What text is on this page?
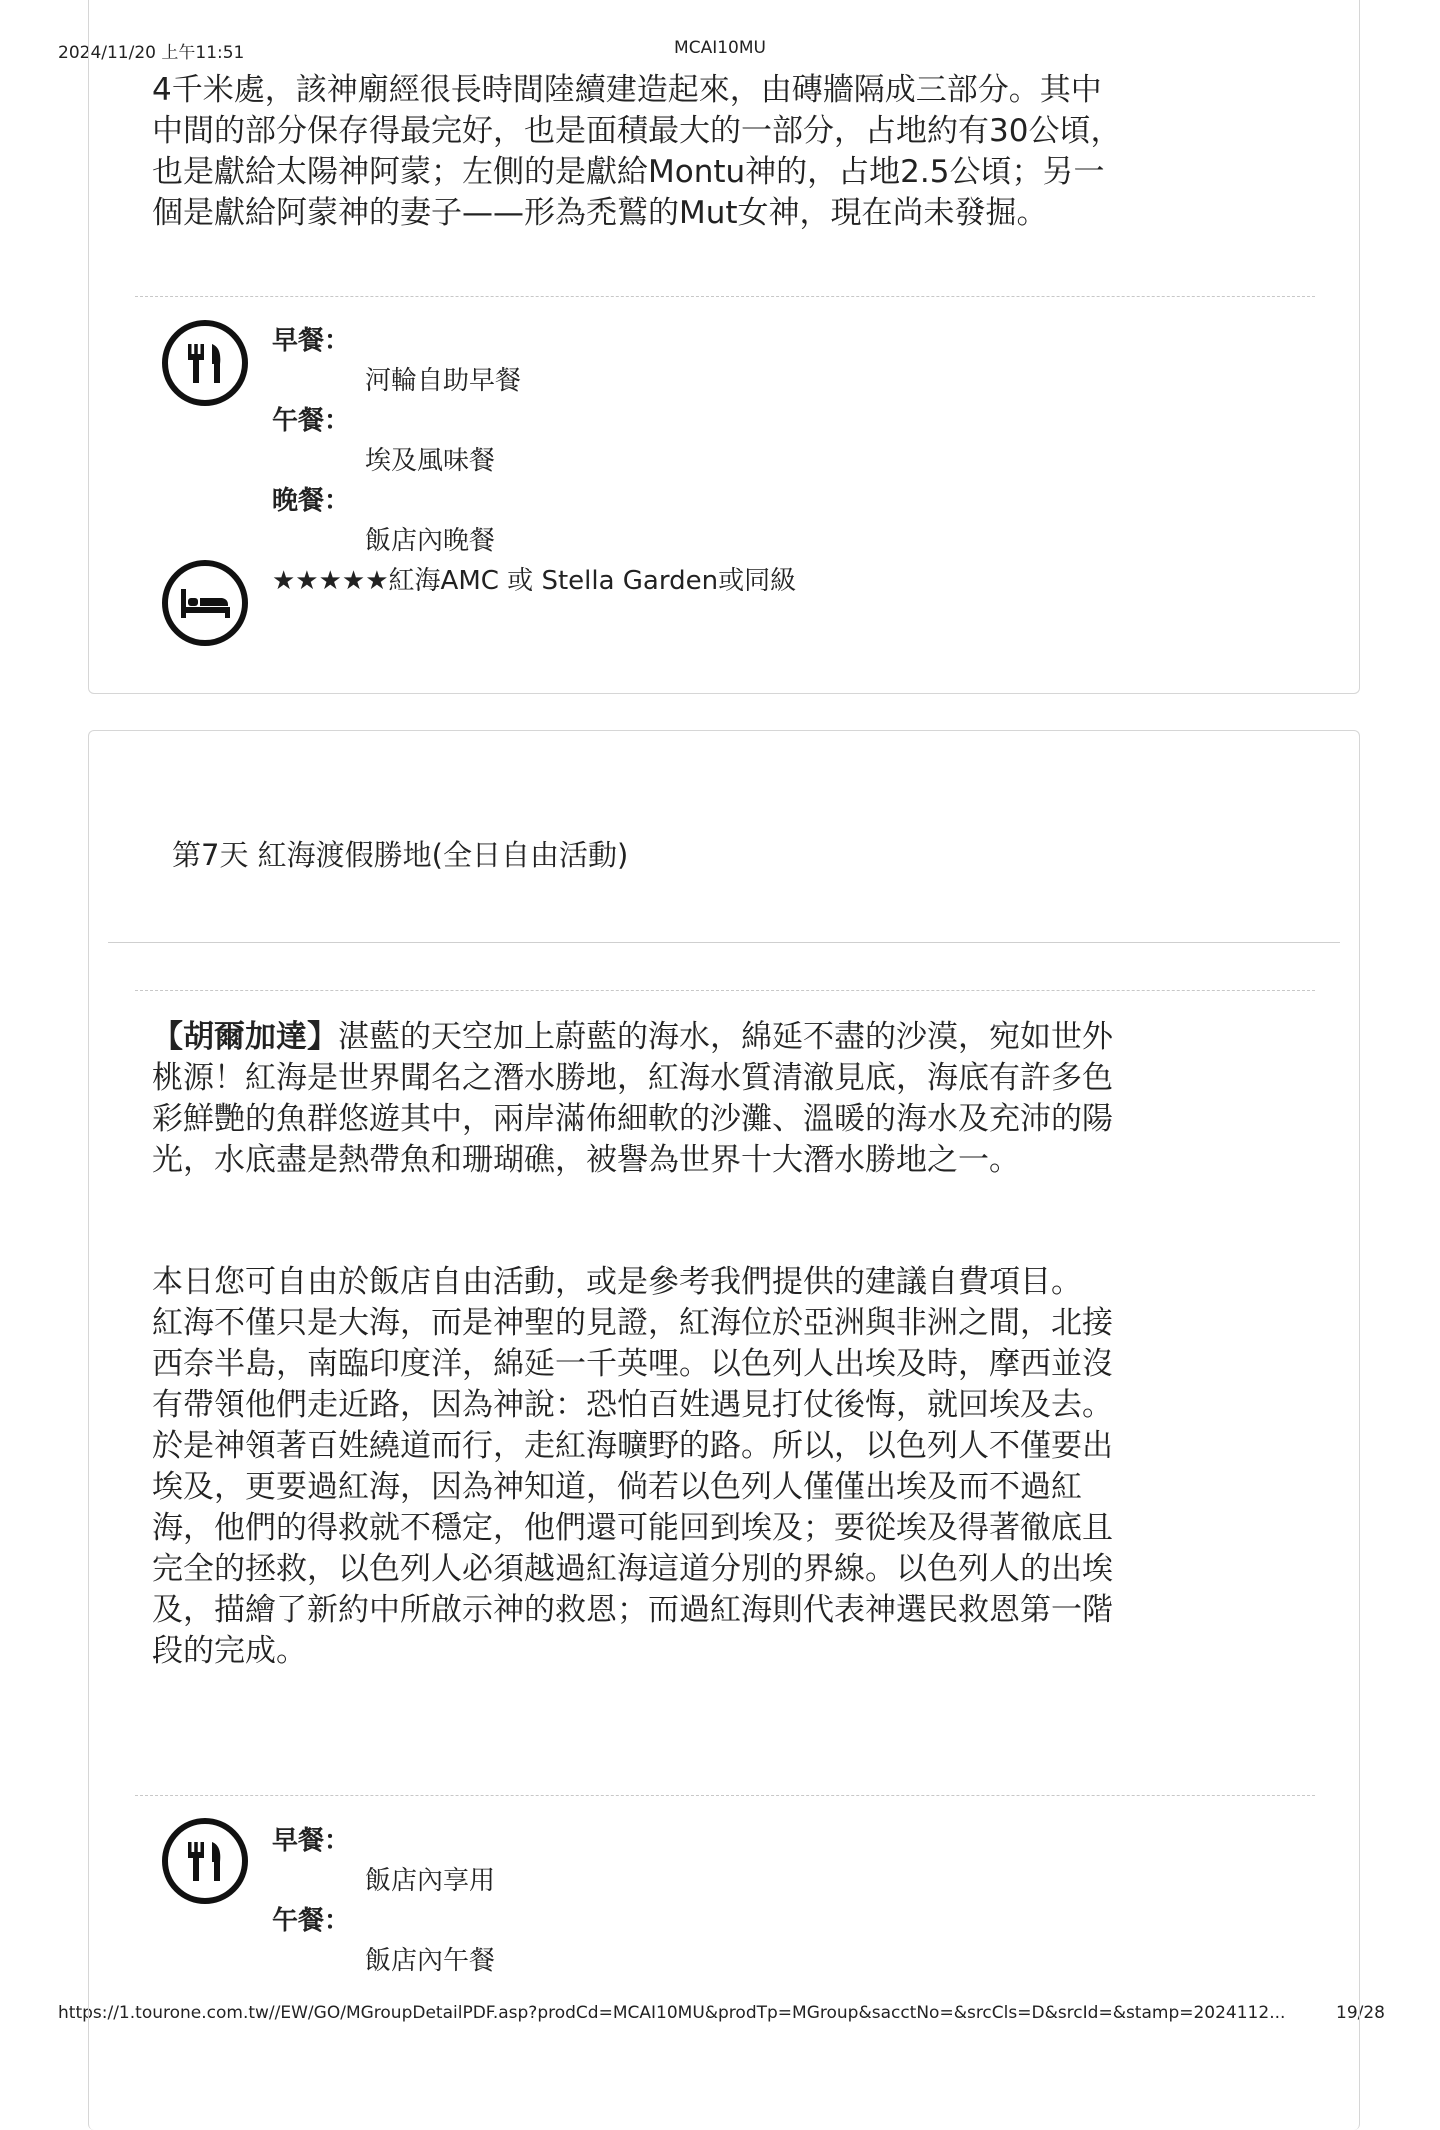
2024/11/20 上午11:51	MCAI10MU
https://1.tourone.com.tw//EW/GO/MGroupDetailPDF.asp?prodCd=MCAI10MU&prodTp=MGroup&sacctNo=&srcCls=D&srcId=&stamp=2024112...	19/28
4千米處，該神廟經很長時間陸續建造起來，由磚牆隔成三部分。其中
中間的部分保存得最完好，也是面積最大的一部分，占地約有30公頃，
也是獻給太陽神阿蒙；左側的是獻給Montu神的，占地2.5公頃；另一
個是獻給阿蒙神的妻子——形為禿鷲的Mut女神，現在尚未發掘。
早餐：
河輪自助早餐
午餐：
埃及風味餐
晚餐：
飯店內晚餐
★★★★★紅海AMC 或 Stella Garden或同級
第7天 紅海渡假勝地(全日自由活動)
【胡爾加達】湛藍的天空加上蔚藍的海水，綿延不盡的沙漠，宛如世外
桃源！紅海是世界聞名之潛水勝地，紅海水質清澈見底，海底有許多色
彩鮮艷的魚群悠遊其中，兩岸滿佈細軟的沙灘、溫暖的海水及充沛的陽
光，水底盡是熱帶魚和珊瑚礁，被譽為世界十大潛水勝地之一。
本日您可自由於飯店自由活動，或是參考我們提供的建議自費項目。
紅海不僅只是大海，而是神聖的見證，紅海位於亞洲與非洲之間，北接
西奈半島，南臨印度洋，綿延一千英哩。以色列人出埃及時，摩西並沒
有帶領他們走近路，因為神說：恐怕百姓遇見打仗後悔，就回埃及去。
於是神領著百姓繞道而行，走紅海曠野的路。所以，以色列人不僅要出
埃及，更要過紅海，因為神知道，倘若以色列人僅僅出埃及而不過紅
海，他們的得救就不穩定，他們還可能回到埃及；要從埃及得著徹底且
完全的拯救，以色列人必須越過紅海這道分別的界線。以色列人的出埃
及，描繪了新約中所啟示神的救恩；而過紅海則代表神選民救恩第一階
段的完成。
早餐：
飯店內享用
午餐：
飯店內午餐
